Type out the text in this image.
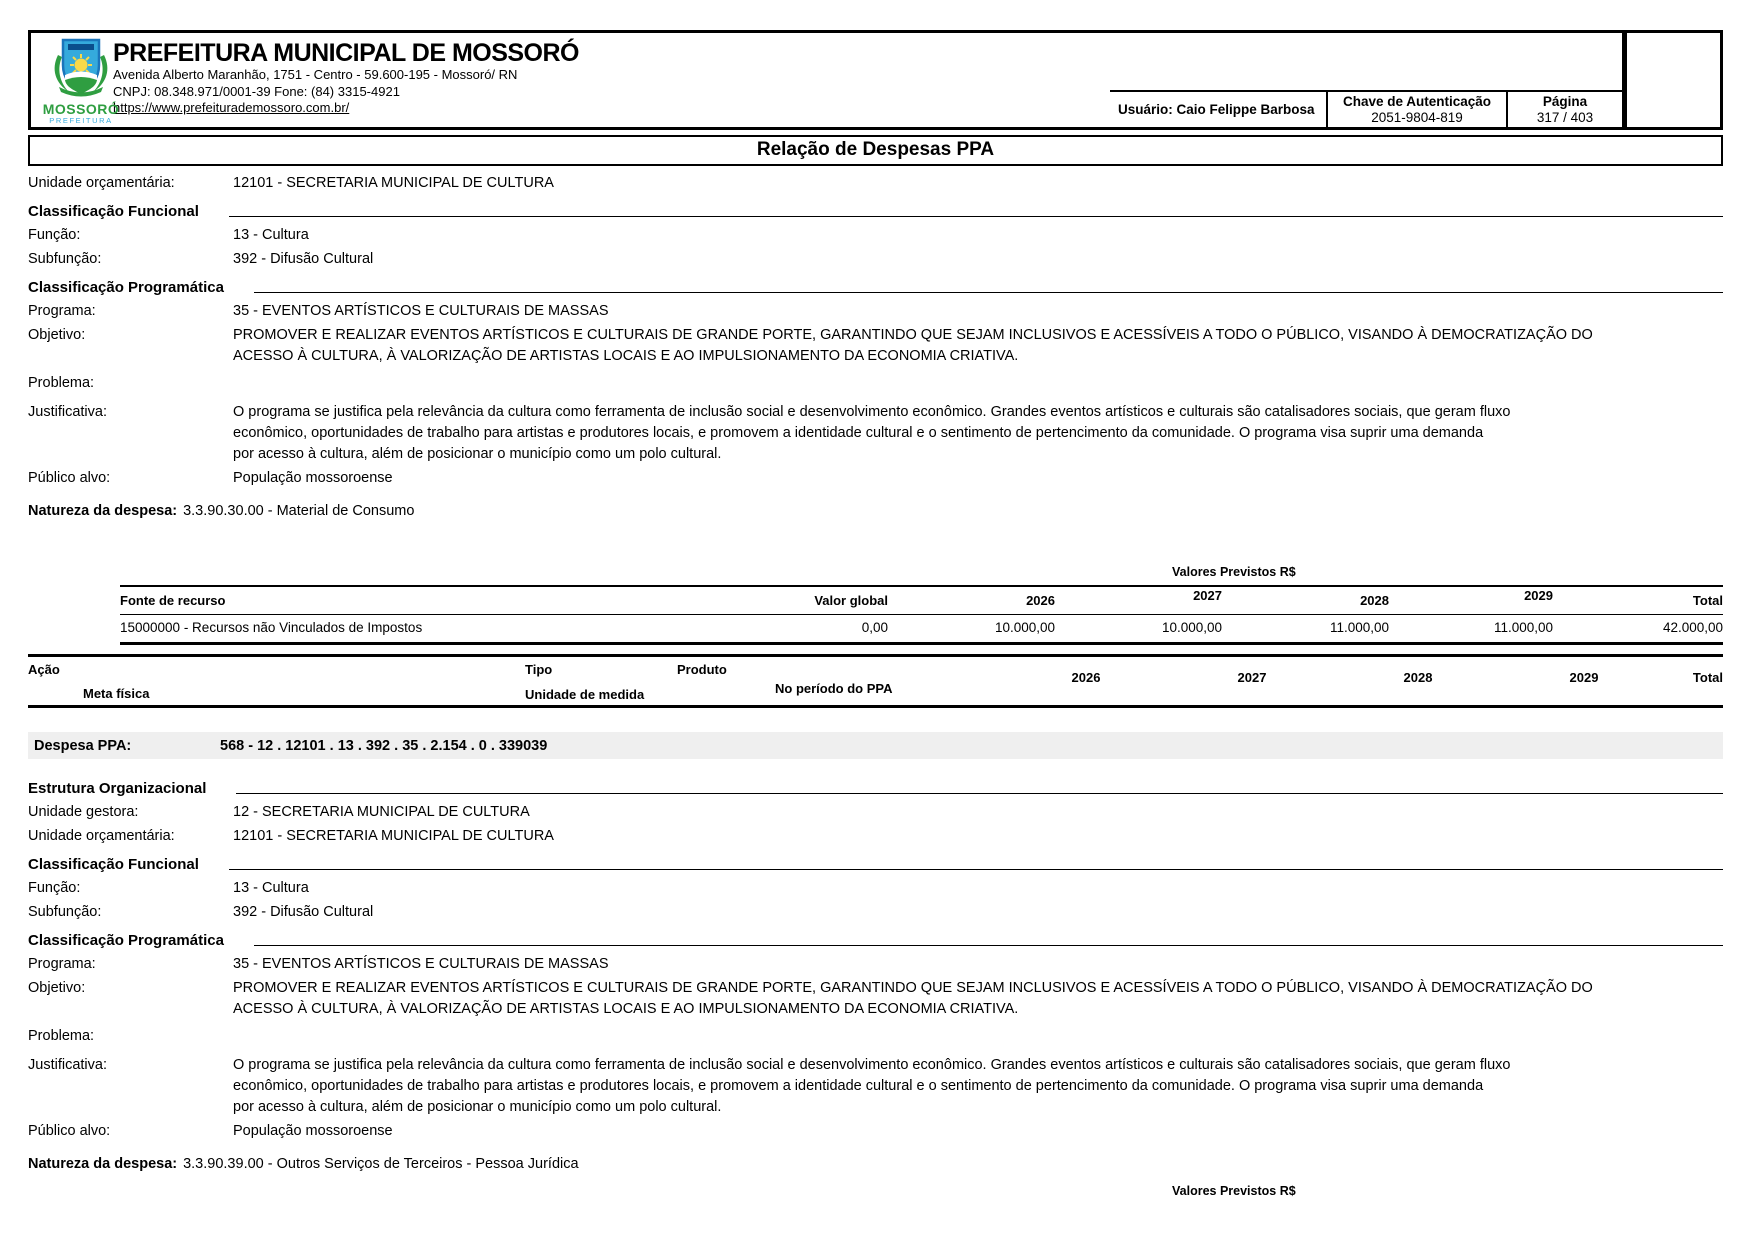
MOSSORÓ
PREFEITURA
PREFEITURA MUNICIPAL DE MOSSORÓ
Avenida Alberto Maranhão, 1751 - Centro - 59.600-195 - Mossoró/ RN
CNPJ: 08.348.971/0001-39 Fone: (84) 3315-4921
https://www.prefeiturademossoro.com.br/	Usuário: Caio Felippe Barbosa
Chave de Autenticação
2051-9804-819
Página
317 / 403
Relação de Despesas PPA
Unidade orçamentária:	12101 - SECRETARIA MUNICIPAL DE CULTURA
Classificação Funcional
Função:	13 - Cultura
Subfunção:	392 - Difusão Cultural
Classificação Programática
Programa:	35 - EVENTOS ARTÍSTICOS E CULTURAIS DE MASSAS
Objetivo:	PROMOVER E REALIZAR EVENTOS ARTÍSTICOS E CULTURAIS DE GRANDE PORTE, GARANTINDO QUE SEJAM INCLUSIVOS E ACESSÍVEIS A TODO O PÚBLICO, VISANDO À DEMOCRATIZAÇÃO DO
ACESSO À CULTURA, À VALORIZAÇÃO DE ARTISTAS LOCAIS E AO IMPULSIONAMENTO DA ECONOMIA CRIATIVA.
Problema:
Justificativa:	O programa se justifica pela relevância da cultura como ferramenta de inclusão social e desenvolvimento econômico. Grandes eventos artísticos e culturais são catalisadores sociais, que geram fluxo
econômico, oportunidades de trabalho para artistas e produtores locais, e promovem a identidade cultural e o sentimento de pertencimento da comunidade. O programa visa suprir uma demanda
por acesso à cultura, além de posicionar o município como um polo cultural.
Público alvo:	População mossoroense
Natureza da despesa: 3.3.90.30.00 - Material de Consumo
Valores Previstos R$
Fonte de recurso	Valor global	2026	2027	2028	2029	Total
15000000 - Recursos não Vinculados de Impostos	0,00	10.000,00	10.000,00	11.000,00	11.000,00	42.000,00
Ação	Tipo	Produto
Meta física	Unidade de medida	No período do PPA
2026	2027	2028	2029	Total
Despesa PPA:	568 - 12 . 12101 . 13 . 392 . 35 . 2.154 . 0 . 339039
Estrutura Organizacional
Unidade gestora:	12 - SECRETARIA MUNICIPAL DE CULTURA
Unidade orçamentária:	12101 - SECRETARIA MUNICIPAL DE CULTURA
Classificação Funcional
Função:	13 - Cultura
Subfunção:	392 - Difusão Cultural
Classificação Programática
Programa:	35 - EVENTOS ARTÍSTICOS E CULTURAIS DE MASSAS
Objetivo:	PROMOVER E REALIZAR EVENTOS ARTÍSTICOS E CULTURAIS DE GRANDE PORTE, GARANTINDO QUE SEJAM INCLUSIVOS E ACESSÍVEIS A TODO O PÚBLICO, VISANDO À DEMOCRATIZAÇÃO DO
ACESSO À CULTURA, À VALORIZAÇÃO DE ARTISTAS LOCAIS E AO IMPULSIONAMENTO DA ECONOMIA CRIATIVA.
Problema:
Justificativa:	O programa se justifica pela relevância da cultura como ferramenta de inclusão social e desenvolvimento econômico. Grandes eventos artísticos e culturais são catalisadores sociais, que geram fluxo
econômico, oportunidades de trabalho para artistas e produtores locais, e promovem a identidade cultural e o sentimento de pertencimento da comunidade. O programa visa suprir uma demanda
por acesso à cultura, além de posicionar o município como um polo cultural.
Público alvo:	População mossoroense
Natureza da despesa: 3.3.90.39.00 - Outros Serviços de Terceiros - Pessoa Jurídica
Valores Previstos R$
